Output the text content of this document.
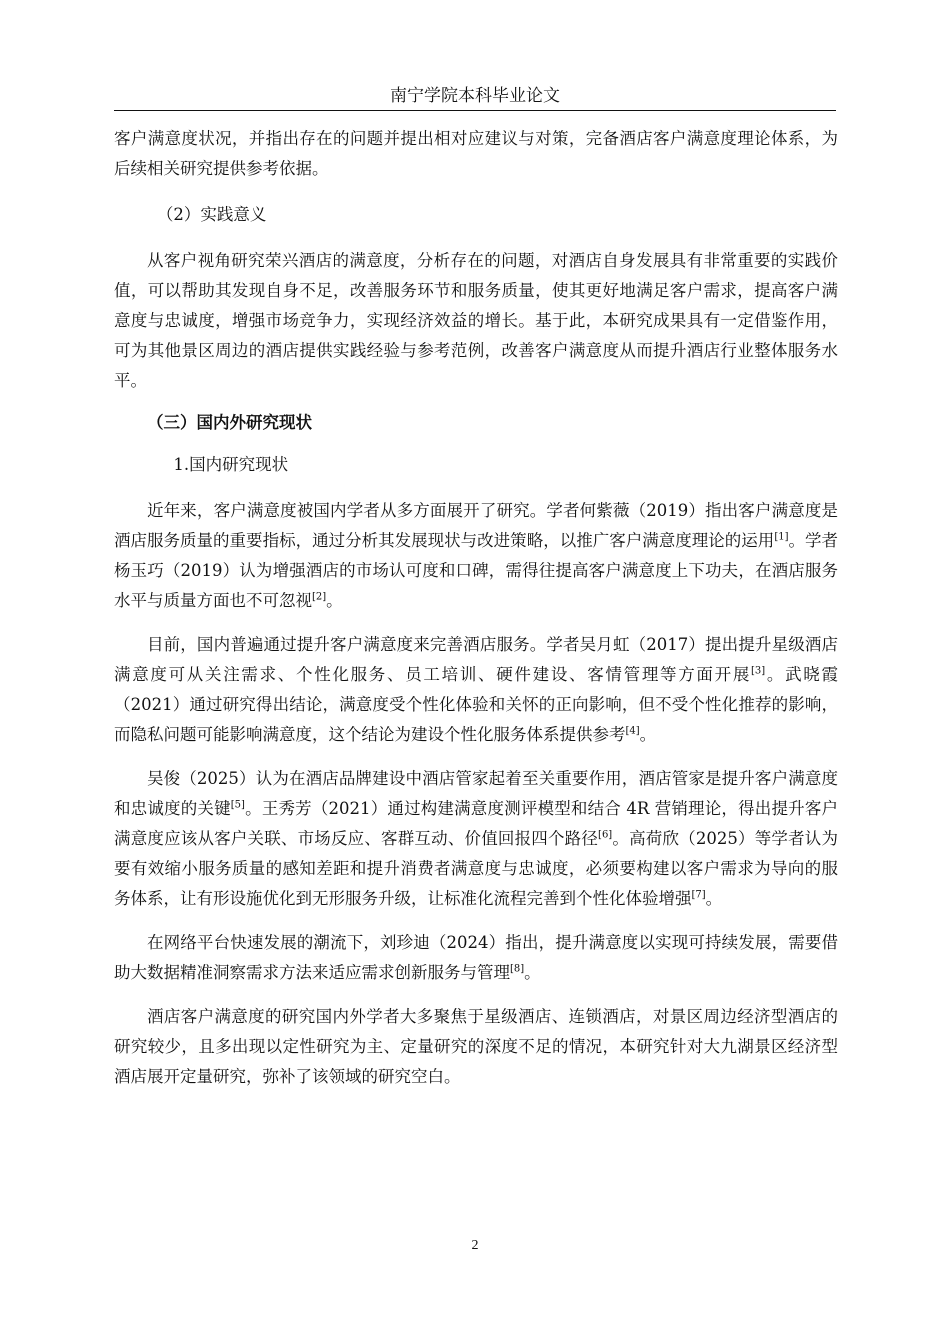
南宁学院本科毕业论文

客户满意度状况，并指出存在的问题并提出相对应建议与对策，完备酒店客户满意度理论体系，为后续相关研究提供参考依据。

（2）实践意义

从客户视角研究荣兴酒店的满意度，分析存在的问题，对酒店自身发展具有非常重要的实践价值，可以帮助其发现自身不足，改善服务环节和服务质量，使其更好地满足客户需求，提高客户满意度与忠诚度，增强市场竞争力，实现经济效益的增长。基于此，本研究成果具有一定借鉴作用，可为其他景区周边的酒店提供实践经验与参考范例，改善客户满意度从而提升酒店行业整体服务水平。

（三）国内外研究现状

1.国内研究现状

近年来，客户满意度被国内学者从多方面展开了研究。学者何紫薇（2019）指出客户满意度是酒店服务质量的重要指标，通过分析其发展现状与改进策略，以推广客户满意度理论的运用[1]。学者杨玉巧（2019）认为增强酒店的市场认可度和口碑，需得往提高客户满意度上下功夫，在酒店服务水平与质量方面也不可忽视[2]。

目前，国内普遍通过提升客户满意度来完善酒店服务。学者吴月虹（2017）提出提升星级酒店满意度可从关注需求、个性化服务、员工培训、硬件建设、客情管理等方面开展[3]。武晓霞（2021）通过研究得出结论，满意度受个性化体验和关怀的正向影响，但不受个性化推荐的影响，而隐私问题可能影响满意度，这个结论为建设个性化服务体系提供参考[4]。

吴俊（2025）认为在酒店品牌建设中酒店管家起着至关重要作用，酒店管家是提升客户满意度和忠诚度的关键[5]。王秀芳（2021）通过构建满意度测评模型和结合 4R 营销理论，得出提升客户满意度应该从客户关联、市场反应、客群互动、价值回报四个路径[6]。高荷欣（2025）等学者认为要有效缩小服务质量的感知差距和提升消费者满意度与忠诚度，必须要构建以客户需求为导向的服务体系，让有形设施优化到无形服务升级，让标准化流程完善到个性化体验增强[7]。

在网络平台快速发展的潮流下，刘珍迪（2024）指出，提升满意度以实现可持续发展，需要借助大数据精准洞察需求方法来适应需求创新服务与管理[8]。

酒店客户满意度的研究国内外学者大多聚焦于星级酒店、连锁酒店，对景区周边经济型酒店的研究较少，且多出现以定性研究为主、定量研究的深度不足的情况，本研究针对大九湖景区经济型酒店展开定量研究，弥补了该领域的研究空白。

2
